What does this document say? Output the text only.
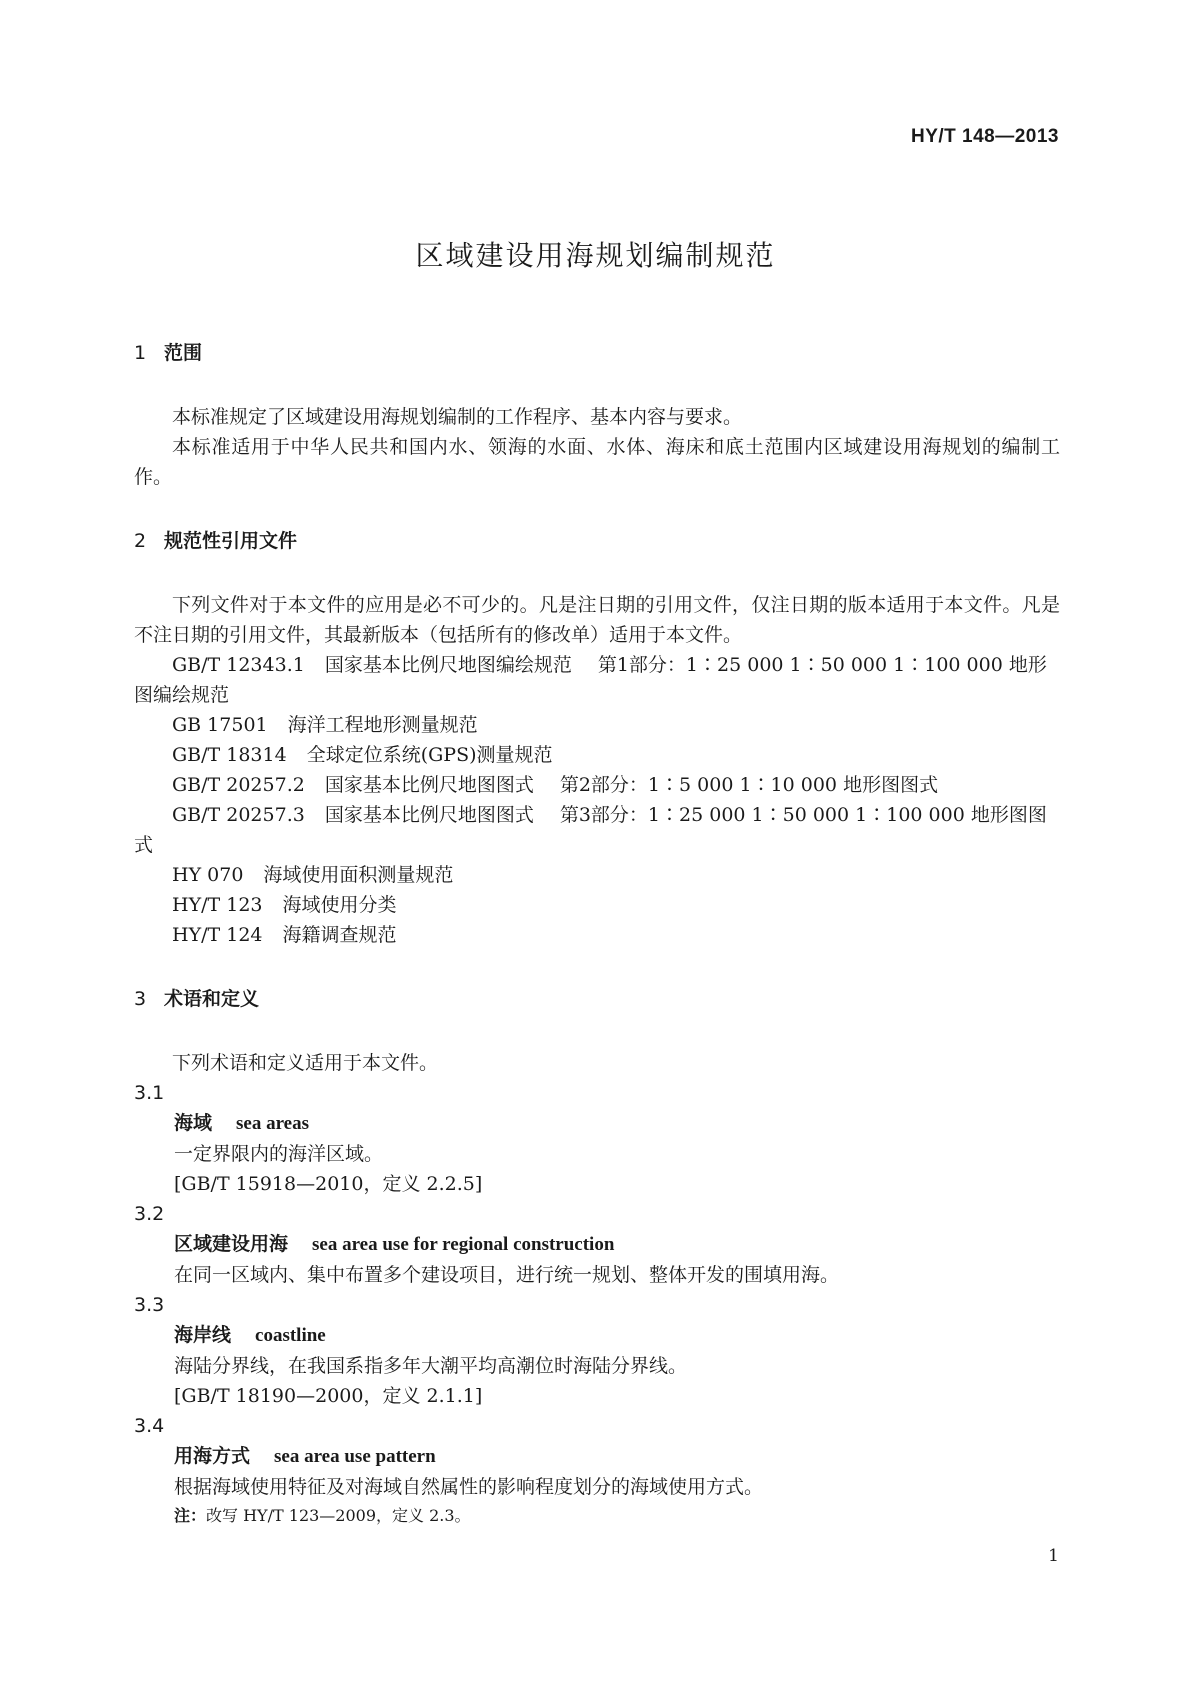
HY/T 148—2013
区域建设用海规划编制规范
1 范围

本标准规定了区域建设用海规划编制的工作程序、基本内容与要求。

本标准适用于中华人民共和国内水、领海的水面、水体、海床和底土范围内区域建设用海规划的编制工作。

2 规范性引用文件

下列文件对于本文件的应用是必不可少的。凡是注日期的引用文件，仅注日期的版本适用于本文件。凡是不注日期的引用文件，其最新版本（包括所有的修改单）适用于本文件。

GB/T 12343.1 国家基本比例尺地图编绘规范 第1部分：1∶25 000 1∶50 000 1∶100 000 地形图编绘规范

GB 17501 海洋工程地形测量规范

GB/T 18314 全球定位系统(GPS)测量规范

GB/T 20257.2 国家基本比例尺地图图式 第2部分：1∶5 000 1∶10 000 地形图图式

GB/T 20257.3 国家基本比例尺地图图式 第3部分：1∶25 000 1∶50 000 1∶100 000 地形图图式

HY 070 海域使用面积测量规范

HY/T 123 海域使用分类

HY/T 124 海籍调查规范

3 术语和定义

下列术语和定义适用于本文件。

3.1

海域 sea areas

一定界限内的海洋区域。

[GB/T 15918—2010，定义 2.2.5]

3.2

区域建设用海 sea area use for regional construction

在同一区域内、集中布置多个建设项目，进行统一规划、整体开发的围填用海。

3.3

海岸线 coastline

海陆分界线，在我国系指多年大潮平均高潮位时海陆分界线。

[GB/T 18190—2000，定义 2.1.1]

3.4

用海方式 sea area use pattern

根据海域使用特征及对海域自然属性的影响程度划分的海域使用方式。

注：改写 HY/T 123—2009，定义 2.3。

1
